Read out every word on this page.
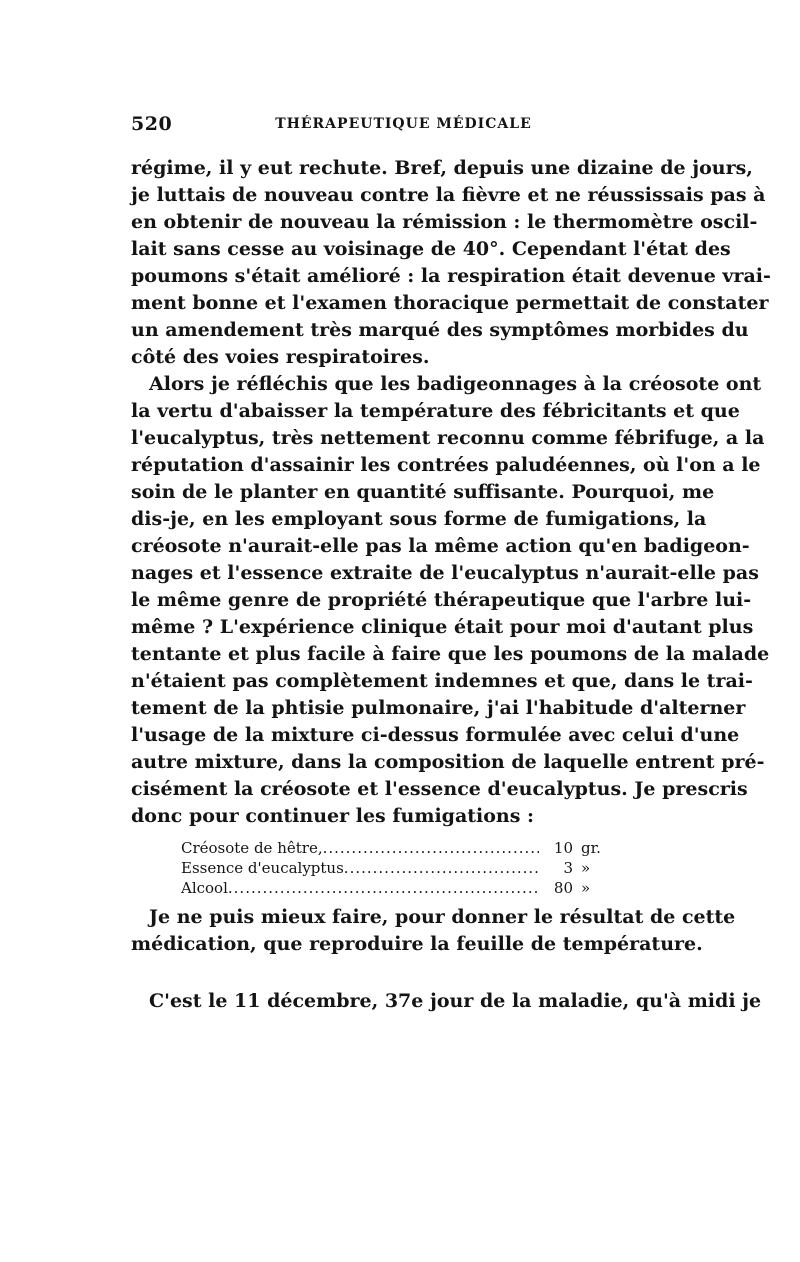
520	THÉRAPEUTIQUE MÉDICALE
régime, il y eut rechute. Bref, depuis une dizaine de jours,
je luttais de nouveau contre la fièvre et ne réussissais pas à
en obtenir de nouveau la rémission : le thermomètre oscil-
lait sans cesse au voisinage de 40°. Cependant l'état des
poumons s'était amélioré : la respiration était devenue vrai-
ment bonne et l'examen thoracique permettait de constater
un amendement très marqué des symptômes morbides du
côté des voies respiratoires.
Alors je réfléchis que les badigeonnages à la créosote ont
la vertu d'abaisser la température des fébricitants et que
l'eucalyptus, très nettement reconnu comme fébrifuge, a la
réputation d'assainir les contrées paludéennes, où l'on a le
soin de le planter en quantité suffisante. Pourquoi, me
dis-je, en les employant sous forme de fumigations, la
créosote n'aurait-elle pas la même action qu'en badigeon-
nages et l'essence extraite de l'eucalyptus n'aurait-elle pas
le même genre de propriété thérapeutique que l'arbre lui-
même ? L'expérience clinique était pour moi d'autant plus
tentante et plus facile à faire que les poumons de la malade
n'étaient pas complètement indemnes et que, dans le trai-
tement de la phtisie pulmonaire, j'ai l'habitude d'alterner
l'usage de la mixture ci-dessus formulée avec celui d'une
autre mixture, dans la composition de laquelle entrent pré-
cisément la créosote et l'essence d'eucalyptus. Je prescris
donc pour continuer les fumigations :
Créosote de hêtre, .....	10 gr.
Essence d'eucalyptus .....	3 »
Alcool .....	80 »
Je ne puis mieux faire, pour donner le résultat de cette
médication, que reproduire la feuille de température.
C'est le 11 décembre, 37e jour de la maladie, qu'à midi je
